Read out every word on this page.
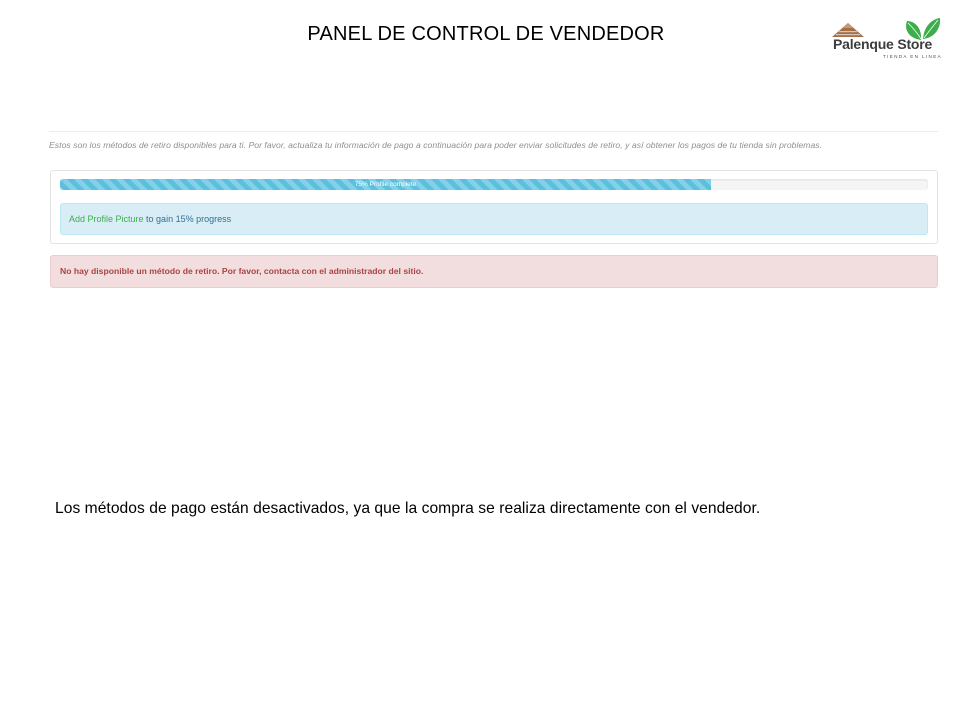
PANEL DE CONTROL DE VENDEDOR	Palenque Store
TIENDA EN LINEA
Estos son los métodos de retiro disponibles para ti. Por favor, actualiza tu información de pago a continuación para poder enviar solicitudes de retiro, y así obtener los pagos de tu tienda sin problemas.
75% Profile complete
Add Profile Picture to gain 15% progress
No hay disponible un método de retiro. Por favor, contacta con el administrador del sitio.
Los métodos de pago están desactivados, ya que la compra se realiza directamente con el vendedor.
